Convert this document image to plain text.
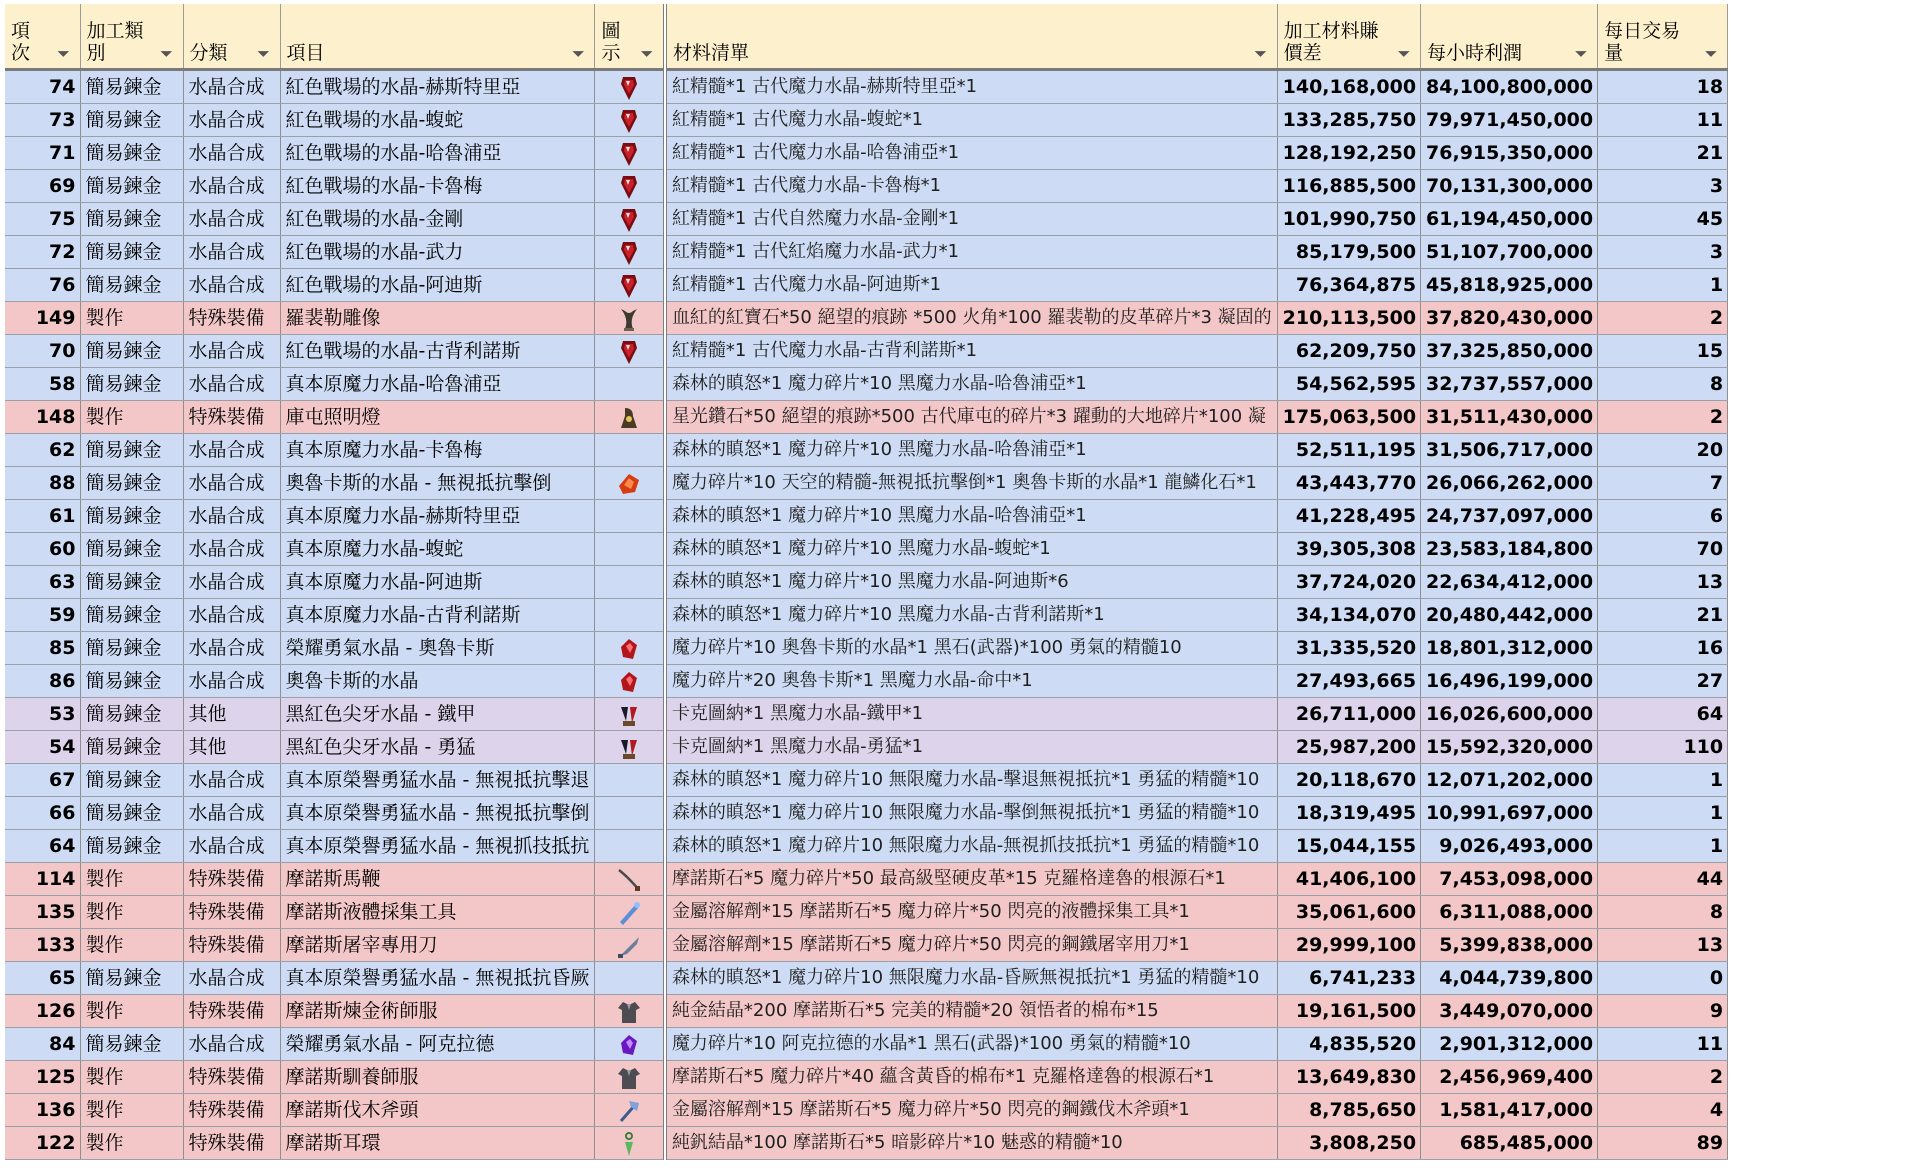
項次 ⏷	加工類別 ⏷	分類 ⏷	項目 ⏷	圖示 ⏷	材料清單 ⏷	加工材料賺
價差 ⏷	每小時利潤 ⏷	每日交易量 ⏷

74	簡易鍊金	水晶合成	紅色戰場的水晶-赫斯特里亞		紅精髓*1 古代魔力水晶-赫斯特里亞*1	140,168,000	84,100,800,000	18
73	簡易鍊金	水晶合成	紅色戰場的水晶-蝮蛇		紅精髓*1 古代魔力水晶-蝮蛇*1	133,285,750	79,971,450,000	11
71	簡易鍊金	水晶合成	紅色戰場的水晶-哈魯浦亞		紅精髓*1 古代魔力水晶-哈魯浦亞*1	128,192,250	76,915,350,000	21
69	簡易鍊金	水晶合成	紅色戰場的水晶-卡魯梅		紅精髓*1 古代魔力水晶-卡魯梅*1	116,885,500	70,131,300,000	3
75	簡易鍊金	水晶合成	紅色戰場的水晶-金剛		紅精髓*1 古代自然魔力水晶-金剛*1	101,990,750	61,194,450,000	45
72	簡易鍊金	水晶合成	紅色戰場的水晶-武力		紅精髓*1 古代紅焰魔力水晶-武力*1	85,179,500	51,107,700,000	3
76	簡易鍊金	水晶合成	紅色戰場的水晶-阿迪斯		紅精髓*1 古代魔力水晶-阿迪斯*1	76,364,875	45,818,925,000	1
149	製作	特殊裝備	羅裴勒雕像		血紅的紅寶石*50 絕望的痕跡 *500 火角*100 羅裴勒的皮革碎片*3 凝固的	210,113,500	37,820,430,000	2
70	簡易鍊金	水晶合成	紅色戰場的水晶-古背利諾斯		紅精髓*1 古代魔力水晶-古背利諾斯*1	62,209,750	37,325,850,000	15
58	簡易鍊金	水晶合成	真本原魔力水晶-哈魯浦亞		森林的瞋怒*1 魔力碎片*10 黑魔力水晶-哈魯浦亞*1	54,562,595	32,737,557,000	8
148	製作	特殊裝備	庫屯照明燈		星光鑽石*50 絕望的痕跡*500 古代庫屯的碎片*3 躍動的大地碎片*100 凝	175,063,500	31,511,430,000	2
62	簡易鍊金	水晶合成	真本原魔力水晶-卡魯梅		森林的瞋怒*1 魔力碎片*10 黑魔力水晶-哈魯浦亞*1	52,511,195	31,506,717,000	20
88	簡易鍊金	水晶合成	奧魯卡斯的水晶 - 無視抵抗擊倒		魔力碎片*10 天空的精髓-無視抵抗擊倒*1 奧魯卡斯的水晶*1 龍鱗化石*1	43,443,770	26,066,262,000	7
61	簡易鍊金	水晶合成	真本原魔力水晶-赫斯特里亞		森林的瞋怒*1 魔力碎片*10 黑魔力水晶-哈魯浦亞*1	41,228,495	24,737,097,000	6
60	簡易鍊金	水晶合成	真本原魔力水晶-蝮蛇		森林的瞋怒*1 魔力碎片*10 黑魔力水晶-蝮蛇*1	39,305,308	23,583,184,800	70
63	簡易鍊金	水晶合成	真本原魔力水晶-阿迪斯		森林的瞋怒*1 魔力碎片*10 黑魔力水晶-阿迪斯*6	37,724,020	22,634,412,000	13
59	簡易鍊金	水晶合成	真本原魔力水晶-古背利諾斯		森林的瞋怒*1 魔力碎片*10 黑魔力水晶-古背利諾斯*1	34,134,070	20,480,442,000	21
85	簡易鍊金	水晶合成	榮耀勇氣水晶 - 奧魯卡斯		魔力碎片*10 奧魯卡斯的水晶*1 黑石(武器)*100 勇氣的精髓10	31,335,520	18,801,312,000	16
86	簡易鍊金	水晶合成	奧魯卡斯的水晶		魔力碎片*20 奧魯卡斯*1 黑魔力水晶-命中*1	27,493,665	16,496,199,000	27
53	簡易鍊金	其他	黑紅色尖牙水晶 - 鐵甲		卡克圖納*1 黑魔力水晶-鐵甲*1	26,711,000	16,026,600,000	64
54	簡易鍊金	其他	黑紅色尖牙水晶 - 勇猛		卡克圖納*1 黑魔力水晶-勇猛*1	25,987,200	15,592,320,000	110
67	簡易鍊金	水晶合成	真本原榮譽勇猛水晶 - 無視抵抗擊退		森林的瞋怒*1 魔力碎片10 無限魔力水晶-擊退無視抵抗*1 勇猛的精髓*10	20,118,670	12,071,202,000	1
66	簡易鍊金	水晶合成	真本原榮譽勇猛水晶 - 無視抵抗擊倒		森林的瞋怒*1 魔力碎片10 無限魔力水晶-擊倒無視抵抗*1 勇猛的精髓*10	18,319,495	10,991,697,000	1
64	簡易鍊金	水晶合成	真本原榮譽勇猛水晶 - 無視抓技抵抗		森林的瞋怒*1 魔力碎片10 無限魔力水晶-無視抓技抵抗*1 勇猛的精髓*10	15,044,155	9,026,493,000	1
114	製作	特殊裝備	摩諾斯馬鞭		摩諾斯石*5 魔力碎片*50 最高級堅硬皮革*15 克羅格達魯的根源石*1	41,406,100	7,453,098,000	44
135	製作	特殊裝備	摩諾斯液體採集工具		金屬溶解劑*15 摩諾斯石*5 魔力碎片*50 閃亮的液體採集工具*1	35,061,600	6,311,088,000	8
133	製作	特殊裝備	摩諾斯屠宰專用刀		金屬溶解劑*15 摩諾斯石*5 魔力碎片*50 閃亮的鋼鐵屠宰用刀*1	29,999,100	5,399,838,000	13
65	簡易鍊金	水晶合成	真本原榮譽勇猛水晶 - 無視抵抗昏厥		森林的瞋怒*1 魔力碎片10 無限魔力水晶-昏厥無視抵抗*1 勇猛的精髓*10	6,741,233	4,044,739,800	0
126	製作	特殊裝備	摩諾斯煉金術師服		純金結晶*200 摩諾斯石*5 完美的精髓*20 領悟者的棉布*15	19,161,500	3,449,070,000	9
84	簡易鍊金	水晶合成	榮耀勇氣水晶 - 阿克拉德		魔力碎片*10 阿克拉德的水晶*1 黑石(武器)*100 勇氣的精髓*10	4,835,520	2,901,312,000	11
125	製作	特殊裝備	摩諾斯馴養師服		摩諾斯石*5 魔力碎片*40 蘊含黃昏的棉布*1 克羅格達魯的根源石*1	13,649,830	2,456,969,400	2
136	製作	特殊裝備	摩諾斯伐木斧頭		金屬溶解劑*15 摩諾斯石*5 魔力碎片*50 閃亮的鋼鐵伐木斧頭*1	8,785,650	1,581,417,000	4
122	製作	特殊裝備	摩諾斯耳環		純釩結晶*100 摩諾斯石*5 暗影碎片*10 魅惑的精髓*10	3,808,250	685,485,000	89
